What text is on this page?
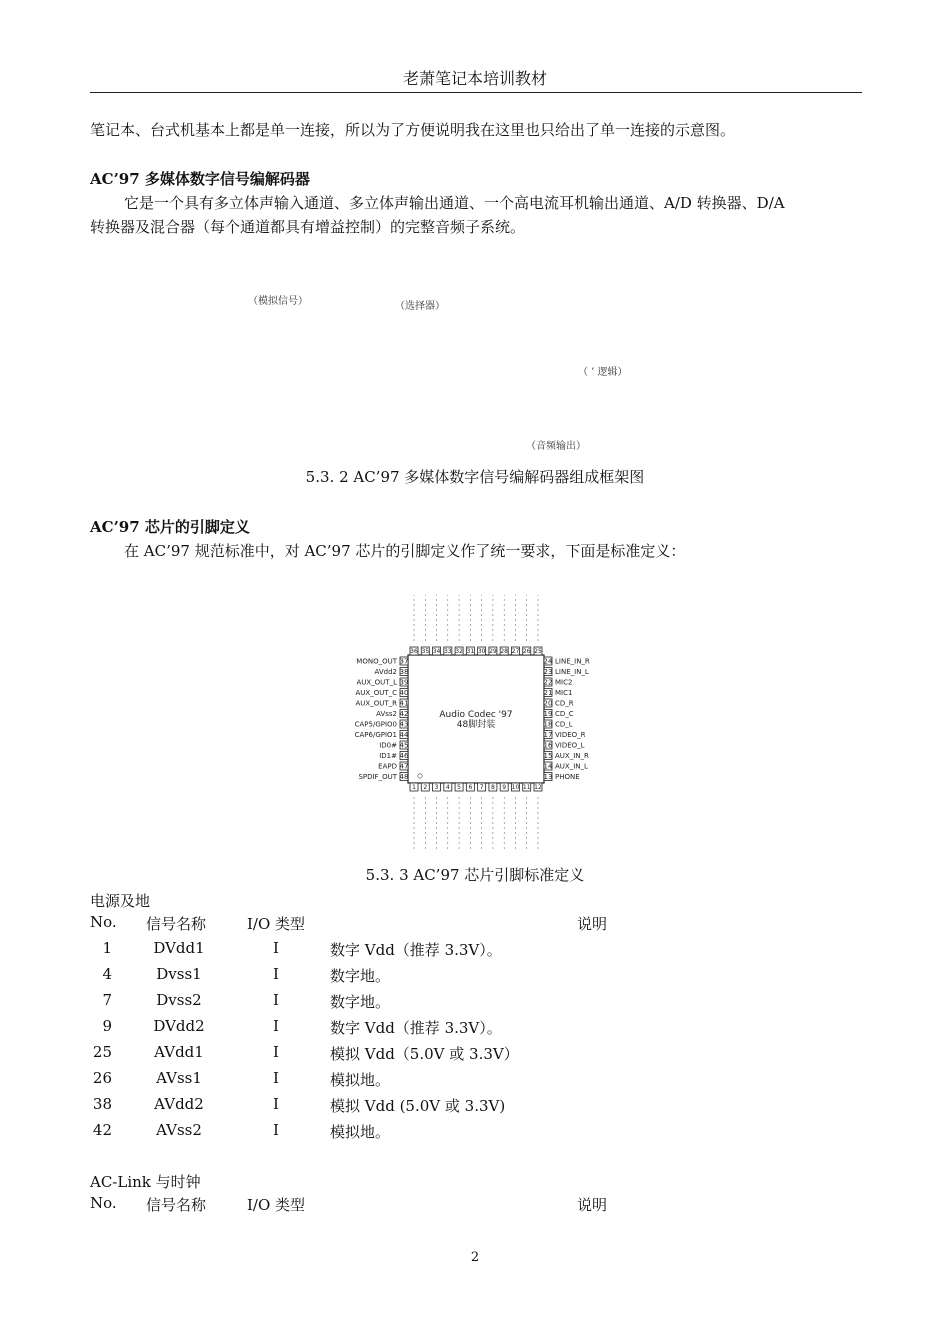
老萧笔记本培训教材
笔记本、台式机基本上都是单一连接，所以为了方便说明我在这里也只给出了单一连接的示意图。
AC’97 多媒体数字信号编解码器
它是一个具有多立体声输入通道、多立体声输出通道、一个高电流耳机输出通道、A/D 转换器、D/A
转换器及混合器（每个通道都具有增益控制）的完整音频子系统。
（模拟信号）	（选择器）
（ ’ 逻辑）
（音频输出）
5.3. 2 AC’97 多媒体数字信号编解码器组成框架图
AC’97 芯片的引脚定义
在 AC’97 规范标准中，对 AC’97 芯片的引脚定义作了统一要求，下面是标准定义：
Audio Codec '97
48脚封装
37
MONO_OUT
38
AVdd2
39
AUX_OUT_L
40
AUX_OUT_C
41
AUX_OUT_R
42
AVss2
43
CAP5/GPIO0
44
CAP6/GPIO1
45
ID0#
46
ID1#
47
EAPD
48
SPDIF_OUT
24 LINE_IN_R
23 LINE_IN_L
22 MIC2
21 MIC1
20 CD_R
19 CD_C
18 CD_L
17 VIDEO_R
16 VIDEO_L
15 AUX_IN_R
14 AUX_IN_L
13 PHONE
36 35 34 33 32 31 30 29 28 27 26 25
1 2 3 4 5 6 7 8 9 10 11 12
5.3. 3 AC’97 芯片引脚标准定义
电源及地
No. 信号名称	I/O 类型	说明
1	DVdd1	I	数字 Vdd（推荐 3.3V）。
4	Dvss1	I	数字地。
7	Dvss2	I	数字地。
9	DVdd2	I	数字 Vdd（推荐 3.3V）。
25	AVdd1	I	模拟 Vdd（5.0V 或 3.3V）
26	AVss1	I	模拟地。
38	AVdd2	I	模拟 Vdd (5.0V 或 3.3V)
42	AVss2	I	模拟地。
AC-Link 与时钟
No. 信号名称	I/O 类型	说明
2
